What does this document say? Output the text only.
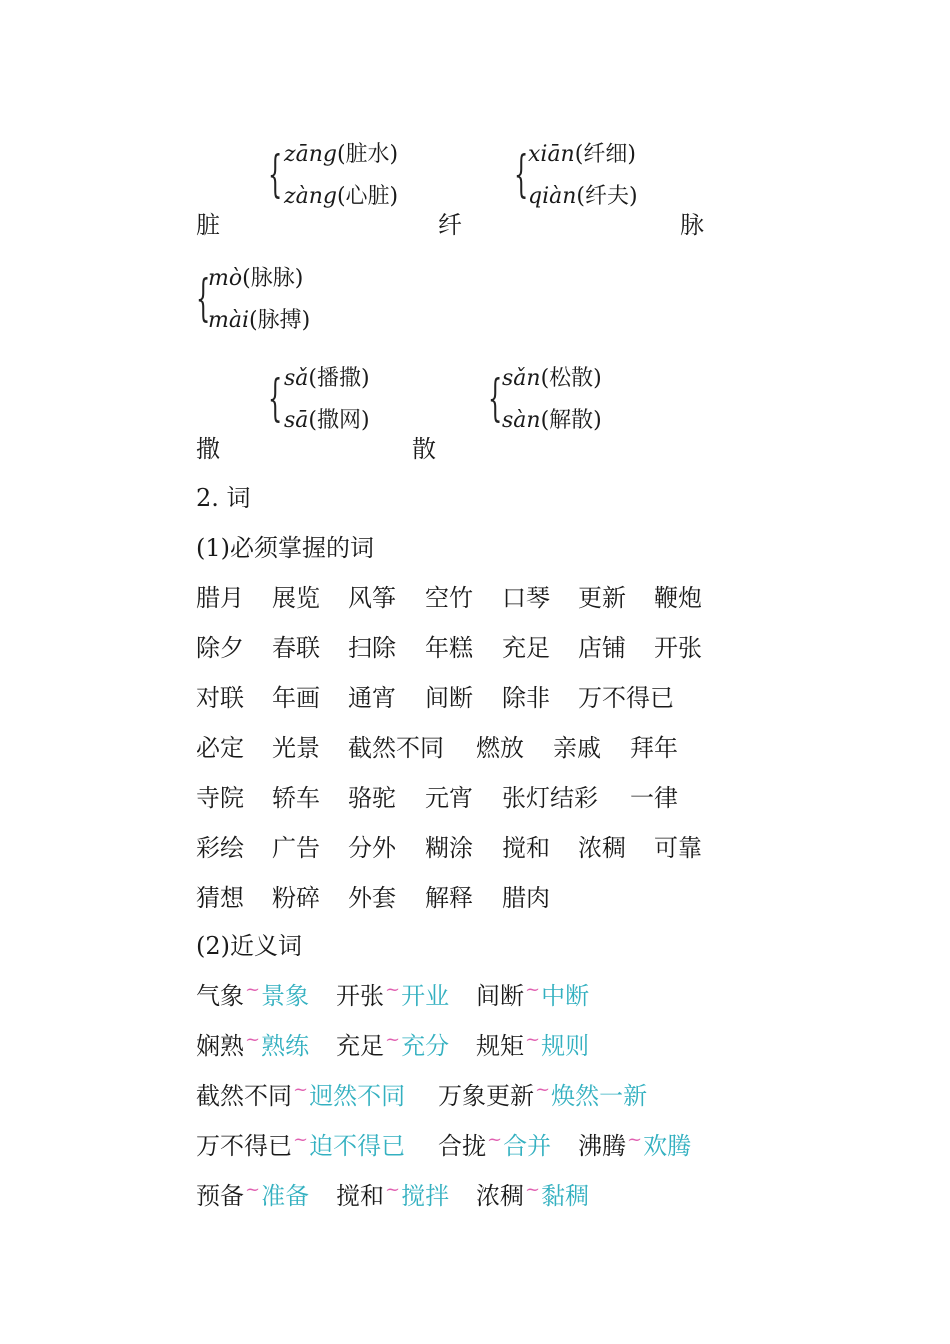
脏
{ zāng(脏水)
zàng(心脏)
纤
{ xiān(纤细)
qiàn(纤夫)
脉
{
mò(脉脉)
mài(脉搏)
{ sǎ(播撒)
sā(撒网)
撒
{ sǎn(松散)
sàn(解散)
散
2. 词
(1)必须掌握的词
腊月 展览 风筝 空竹 口琴 更新 鞭炮
除夕 春联 扫除 年糕 充足 店铺 开张
对联 年画 通宵 间断 除非 万不得已
必定 光景 截然不同 燃放 亲戚 拜年
寺院 轿车 骆驼 元宵 张灯结彩 一律
彩绘 广告 分外 糊涂 搅和 浓稠 可靠
猜想 粉碎 外套 解释 腊肉
(2)近义词
气象~景象 开张~开业 间断~中断
娴熟~熟练 充足~充分 规矩~规则
截然不同~迥然不同 万象更新~焕然一新
万不得已~迫不得已 合拢~合并 沸腾~欢腾
预备~准备 搅和~搅拌 浓稠~黏稠
